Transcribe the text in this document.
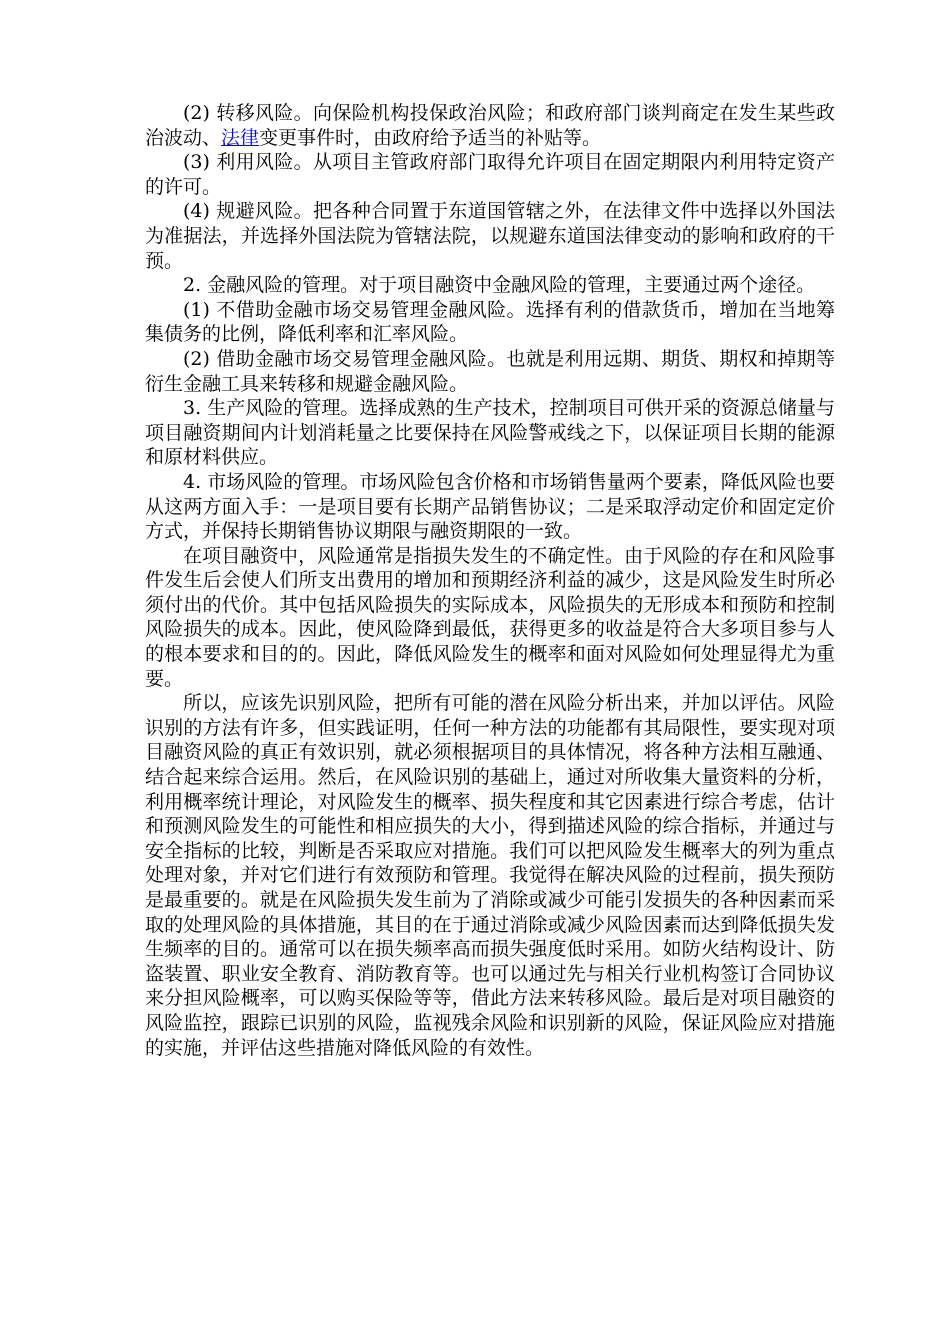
(2) 转移风险。向保险机构投保政治风险；和政府部门谈判商定在发生某些政治波动、法律变更事件时，由政府给予适当的补贴等。

(3) 利用风险。从项目主管政府部门取得允许项目在固定期限内利用特定资产的许可。

(4) 规避风险。把各种合同置于东道国管辖之外，在法律文件中选择以外国法为准据法，并选择外国法院为管辖法院，以规避东道国法律变动的影响和政府的干预。

2. 金融风险的管理。对于项目融资中金融风险的管理，主要通过两个途径。

(1) 不借助金融市场交易管理金融风险。选择有利的借款货币，增加在当地筹集债务的比例，降低利率和汇率风险。

(2) 借助金融市场交易管理金融风险。也就是利用远期、期货、期权和掉期等衍生金融工具来转移和规避金融风险。

3. 生产风险的管理。选择成熟的生产技术，控制项目可供开采的资源总储量与项目融资期间内计划消耗量之比要保持在风险警戒线之下，以保证项目长期的能源和原材料供应。

4. 市场风险的管理。市场风险包含价格和市场销售量两个要素，降低风险也要从这两方面入手：一是项目要有长期产品销售协议；二是采取浮动定价和固定定价方式，并保持长期销售协议期限与融资期限的一致。

在项目融资中，风险通常是指损失发生的不确定性。由于风险的存在和风险事件发生后会使人们所支出费用的增加和预期经济利益的减少，这是风险发生时所必须付出的代价。其中包括风险损失的实际成本，风险损失的无形成本和预防和控制风险损失的成本。因此，使风险降到最低，获得更多的收益是符合大多项目参与人的根本要求和目的的。因此，降低风险发生的概率和面对风险如何处理显得尤为重要。

所以，应该先识别风险，把所有可能的潜在风险分析出来，并加以评估。风险识别的方法有许多，但实践证明，任何一种方法的功能都有其局限性，要实现对项目融资风险的真正有效识别，就必须根据项目的具体情况，将各种方法相互融通、结合起来综合运用。然后，在风险识别的基础上，通过对所收集大量资料的分析，利用概率统计理论，对风险发生的概率、损失程度和其它因素进行综合考虑，估计和预测风险发生的可能性和相应损失的大小，得到描述风险的综合指标，并通过与安全指标的比较，判断是否采取应对措施。我们可以把风险发生概率大的列为重点处理对象，并对它们进行有效预防和管理。我觉得在解决风险的过程前，损失预防是最重要的。就是在风险损失发生前为了消除或减少可能引发损失的各种因素而采取的处理风险的具体措施，其目的在于通过消除或减少风险因素而达到降低损失发生频率的目的。通常可以在损失频率高而损失强度低时采用。如防火结构设计、防盗装置、职业安全教育、消防教育等。也可以通过先与相关行业机构签订合同协议来分担风险概率，可以购买保险等等，借此方法来转移风险。最后是对项目融资的风险监控，跟踪已识别的风险，监视残余风险和识别新的风险，保证风险应对措施的实施，并评估这些措施对降低风险的有效性。
